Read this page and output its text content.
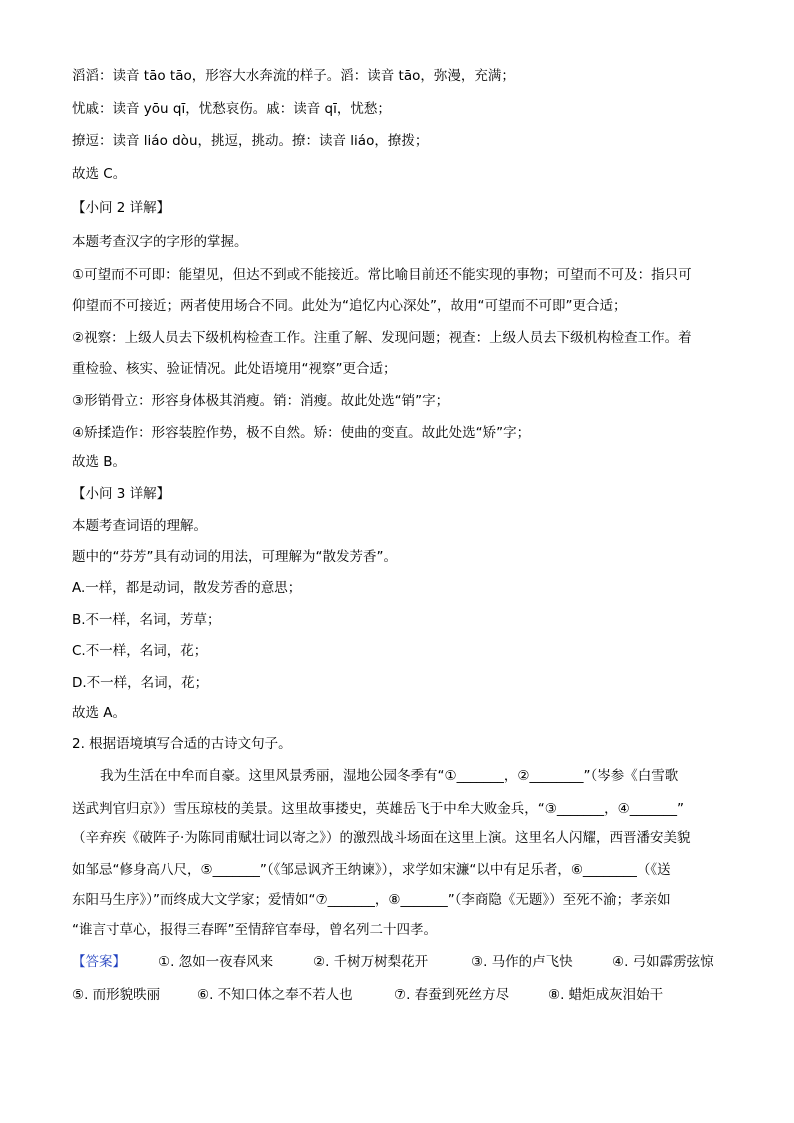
滔滔：读音 tāo tāo，形容大水奔流的样子。滔：读音 tāo，弥漫，充满；
忧戚：读音 yōu qī，忧愁哀伤。戚：读音 qī，忧愁；
撩逗：读音 liáo dòu，挑逗，挑动。撩：读音 liáo，撩拨；
故选 C。
【小问 2 详解】
本题考查汉字的字形的掌握。
①可望而不可即：能望见，但达不到或不能接近。常比喻目前还不能实现的事物；可望而不可及：指只可
仰望而不可接近；两者使用场合不同。此处为“追忆内心深处”，故用“可望而不可即”更合适；
②视察：上级人员去下级机构检查工作。注重了解、发现问题；视查：上级人员去下级机构检查工作。着
重检验、核实、验证情况。此处语境用“视察”更合适；
③形销骨立：形容身体极其消瘦。销：消瘦。故此处选“销”字；
④矫揉造作：形容装腔作势，极不自然。矫：使曲的变直。故此处选“矫”字；
故选 B。
【小问 3 详解】
本题考查词语的理解。
题中的“芬芳”具有动词的用法，可理解为“散发芳香”。
A.一样，都是动词，散发芳香的意思；
B.不一样，名词，芳草；
C.不一样，名词，花；
D.不一样，名词，花；
故选 A。
2. 根据语境填写合适的古诗文句子。
我为生活在中牟而自豪。这里风景秀丽，湿地公园冬季有“①_______，②________”（岑参《白雪歌
送武判官归京》）雪压琼枝的美景。这里故事搂史，英雄岳飞于中牟大败金兵，“③_______，④_______”
（辛弃疾《破阵子·为陈同甫赋壮词以寄之》）的激烈战斗场面在这里上演。这里名人闪耀，西晋潘安美貌
如邹忌“修身高八尺，⑤_______”（《邹忌讽齐王纳谏》），求学如宋濂“以中有足乐者，⑥________（《送
东阳马生序》）”而终成大文学家；爱情如“⑦_______，⑧_______”（李商隐《无题》）至死不渝；孝亲如
“谁言寸草心，报得三春晖”至情辞官奉母，曾名列二十四孝。
【答案】 ①. 忽如一夜春风来	②. 千树万树梨花开	③. 马作的卢飞快	④. 弓如霹雳弦惊
⑤. 而形貌昳丽	⑥. 不知口体之奉不若人也	⑦. 春蚕到死丝方尽	⑧. 蜡炬成灰泪始干
